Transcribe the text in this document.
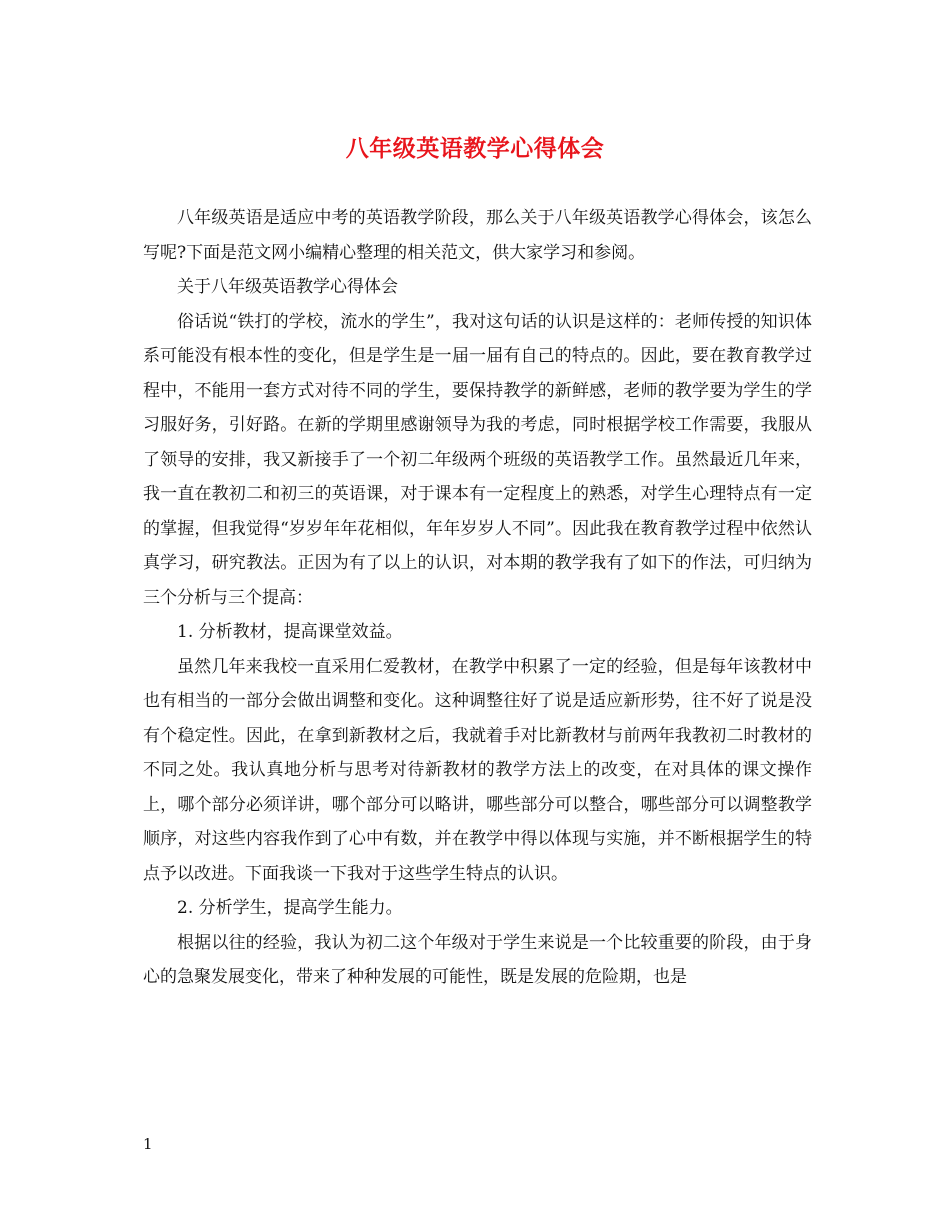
八年级英语教学心得体会

八年级英语是适应中考的英语教学阶段，那么关于八年级英语教学心得体会，该怎么写呢?下面是范文网小编精心整理的相关范文，供大家学习和参阅。

关于八年级英语教学心得体会

俗话说“铁打的学校，流水的学生”，我对这句话的认识是这样的：老师传授的知识体系可能没有根本性的变化，但是学生是一届一届有自己的特点的。因此，要在教育教学过程中，不能用一套方式对待不同的学生，要保持教学的新鲜感，老师的教学要为学生的学习服好务，引好路。在新的学期里感谢领导为我的考虑，同时根据学校工作需要，我服从了领导的安排，我又新接手了一个初二年级两个班级的英语教学工作。虽然最近几年来，我一直在教初二和初三的英语课，对于课本有一定程度上的熟悉，对学生心理特点有一定的掌握，但我觉得“岁岁年年花相似，年年岁岁人不同”。因此我在教育教学过程中依然认真学习，研究教法。正因为有了以上的认识，对本期的教学我有了如下的作法，可归纳为三个分析与三个提高：

1. 分析教材，提高课堂效益。

虽然几年来我校一直采用仁爱教材，在教学中积累了一定的经验，但是每年该教材中也有相当的一部分会做出调整和变化。这种调整往好了说是适应新形势，往不好了说是没有个稳定性。因此，在拿到新教材之后，我就着手对比新教材与前两年我教初二时教材的不同之处。我认真地分析与思考对待新教材的教学方法上的改变，在对具体的课文操作上，哪个部分必须详讲，哪个部分可以略讲，哪些部分可以整合，哪些部分可以调整教学顺序，对这些内容我作到了心中有数，并在教学中得以体现与实施，并不断根据学生的特点予以改进。下面我谈一下我对于这些学生特点的认识。

2. 分析学生，提高学生能力。

根据以往的经验，我认为初二这个年级对于学生来说是一个比较重要的阶段，由于身心的急聚发展变化，带来了种种发展的可能性，既是发展的危险期，也是

1
